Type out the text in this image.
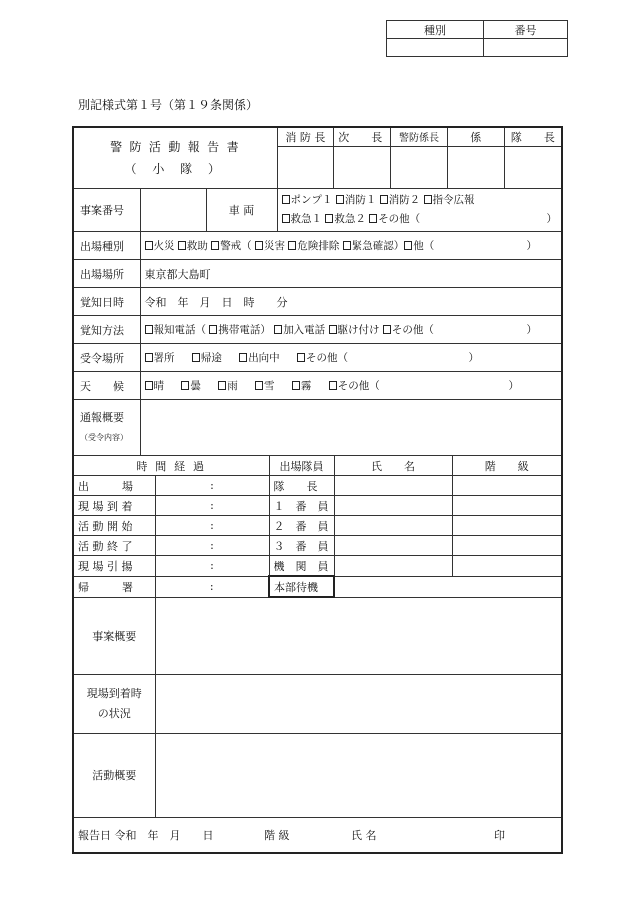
種別	番号

別記様式第１号（第１９条関係）
警 防 活 動 報 告 書
（ 小 隊 ）	消 防 長	次　　長	警防係長	係	隊　　長

事案番号		車 両	
ポンプ１ 消防１ 消防２ 指令広報
救急１ 救急２ その他（	）
出場種別	火災 救助 警戒（ 災害 危険排除 緊急確認） 他（ ）

出場場所	東京都大島町
覚知日時	令和　年　月　日　時　　分
覚知方法	報知電話（ 携帯電話） 加入電話 駆け付け その他（ ）

受令場所	署所 帰途 出向中 その他（ ）

天　　候	晴 曇 雨 雪 霧 その他（ ）

通報概要
（受令内容）	

時 間 経 過		出場隊員	氏　　名	階　　級
出　　　場	:	隊　　長		
現 場 到 着	:	１　番　員		
活 動 開 始	:	２　番　員		
活 動 終 了	:	３　番　員		
現 場 引 揚	:	機　関　員		
帰　　　署	:	本部待機		
事案概要	

現場到着時
の状況	

活動概要	
報告日 令和　年　月　　日	階 級	氏 名	印
